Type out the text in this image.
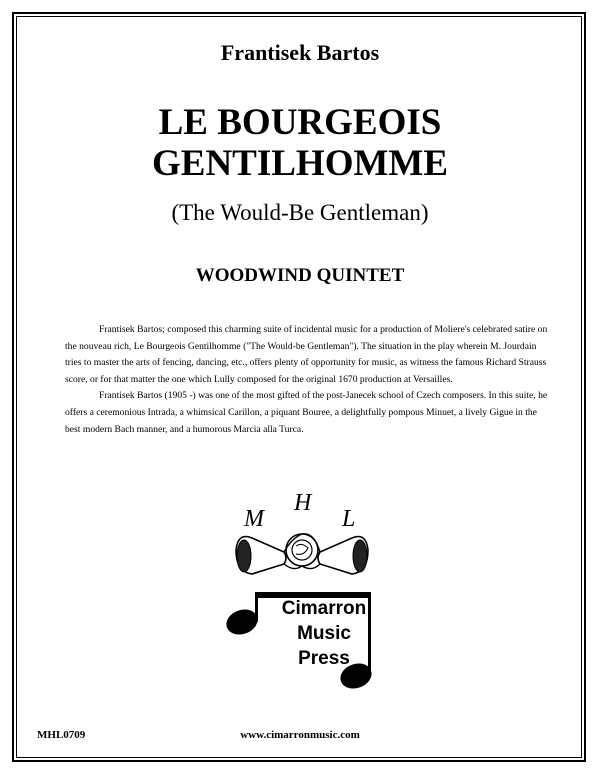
Frantisek Bartos
LE BOURGEOIS
GENTILHOMME
(The Would-Be Gentleman)
WOODWIND QUINTET

Frantisek Bartos; composed this charming suite of incidental music for a production of Moliere's celebrated satire on the nouveau rich, Le Bourgeois Gentilhomme ("The Would-be Gentleman"). The situation in the play wherein M. Jourdain tries to master the arts of fencing, dancing, etc., offers plenty of opportunity for music, as witness the famous Richard Strauss score, or for that matter the one which Lully composed for the original 1670 production at Versailles.

Frantisek Bartos (1905 -) was one of the most gifted of the post-Janecek school of Czech composers. In this suite, he offers a ceremonious Intrada, a whimsical Carillon, a piquant Bouree, a delightfully pompous Minuet, a lively Gigue in the best modern Bach manner, and a humorous Marcia alla Turca.

M
H
L
Cimarron
Music
Press
MHL0709	www.cimarronmusic.com
